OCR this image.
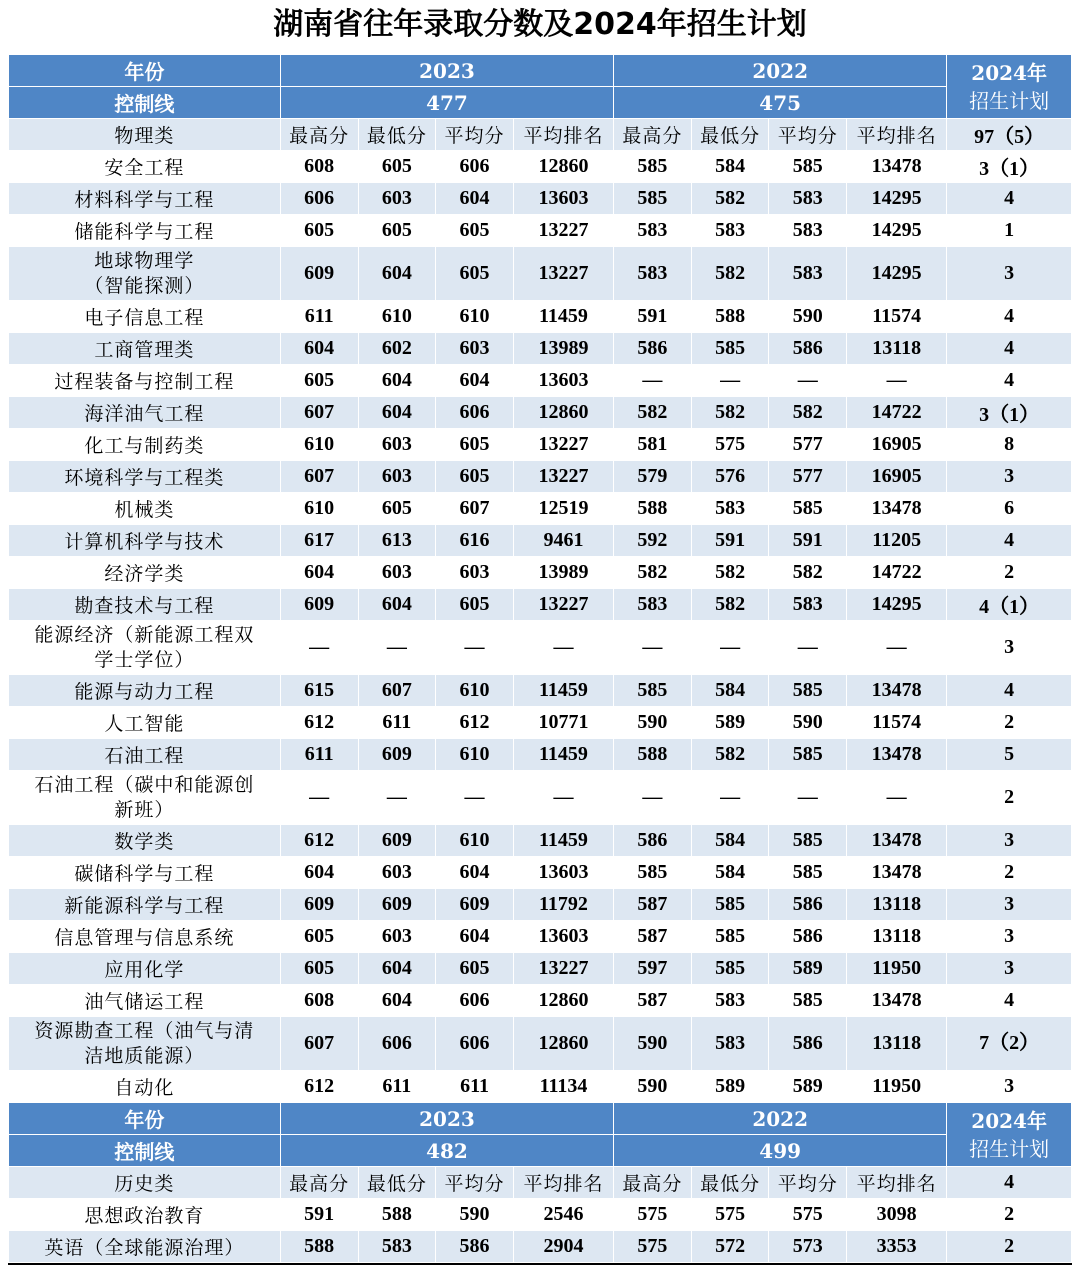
湖南省往年录取分数及2024年招生计划
年份	2023				2022				2024年
招生计划
控制线	477				475				
物理类	最高分	最低分	平均分	平均排名	最高分	最低分	平均分	平均排名	97（5）

安全工程	608	605	606	12860	585	584	585	13478	3（1）

材料科学与工程	606	603	604	13603	585	582	583	14295	4

储能科学与工程	605	605	605	13227	583	583	583	14295	1

地球物理学
（智能探测）	609	604	605	13227	583	582	583	14295	3

电子信息工程	611	610	610	11459	591	588	590	11574	4

工商管理类	604	602	603	13989	586	585	586	13118	4

过程装备与控制工程	605	604	604	13603	—	—	—	—	4

海洋油气工程	607	604	606	12860	582	582	582	14722	3（1）

化工与制药类	610	603	605	13227	581	575	577	16905	8

环境科学与工程类	607	603	605	13227	579	576	577	16905	3

机械类	610	605	607	12519	588	583	585	13478	6

计算机科学与技术	617	613	616	9461	592	591	591	11205	4

经济学类	604	603	603	13989	582	582	582	14722	2

勘查技术与工程	609	604	605	13227	583	582	583	14295	4（1）

能源经济（新能源工程双
学士学位）	—	—	—	—	—	—	—	—	3

能源与动力工程	615	607	610	11459	585	584	585	13478	4

人工智能	612	611	612	10771	590	589	590	11574	2

石油工程	611	609	610	11459	588	582	585	13478	5

石油工程（碳中和能源创
新班）	—	—	—	—	—	—	—	—	2

数学类	612	609	610	11459	586	584	585	13478	3

碳储科学与工程	604	603	604	13603	585	584	585	13478	2

新能源科学与工程	609	609	609	11792	587	585	586	13118	3

信息管理与信息系统	605	603	604	13603	587	585	586	13118	3

应用化学	605	604	605	13227	597	585	589	11950	3

油气储运工程	608	604	606	12860	587	583	585	13478	4

资源勘查工程（油气与清
洁地质能源）	607	606	606	12860	590	583	586	13118	7（2）

自动化	612	611	611	11134	590	589	589	11950	3
年份	2023				2022				2024年
招生计划
控制线	482				499				
历史类	最高分	最低分	平均分	平均排名	最高分	最低分	平均分	平均排名	4

思想政治教育	591	588	590	2546	575	575	575	3098	2

英语（全球能源治理）	588	583	586	2904	575	572	573	3353	2
